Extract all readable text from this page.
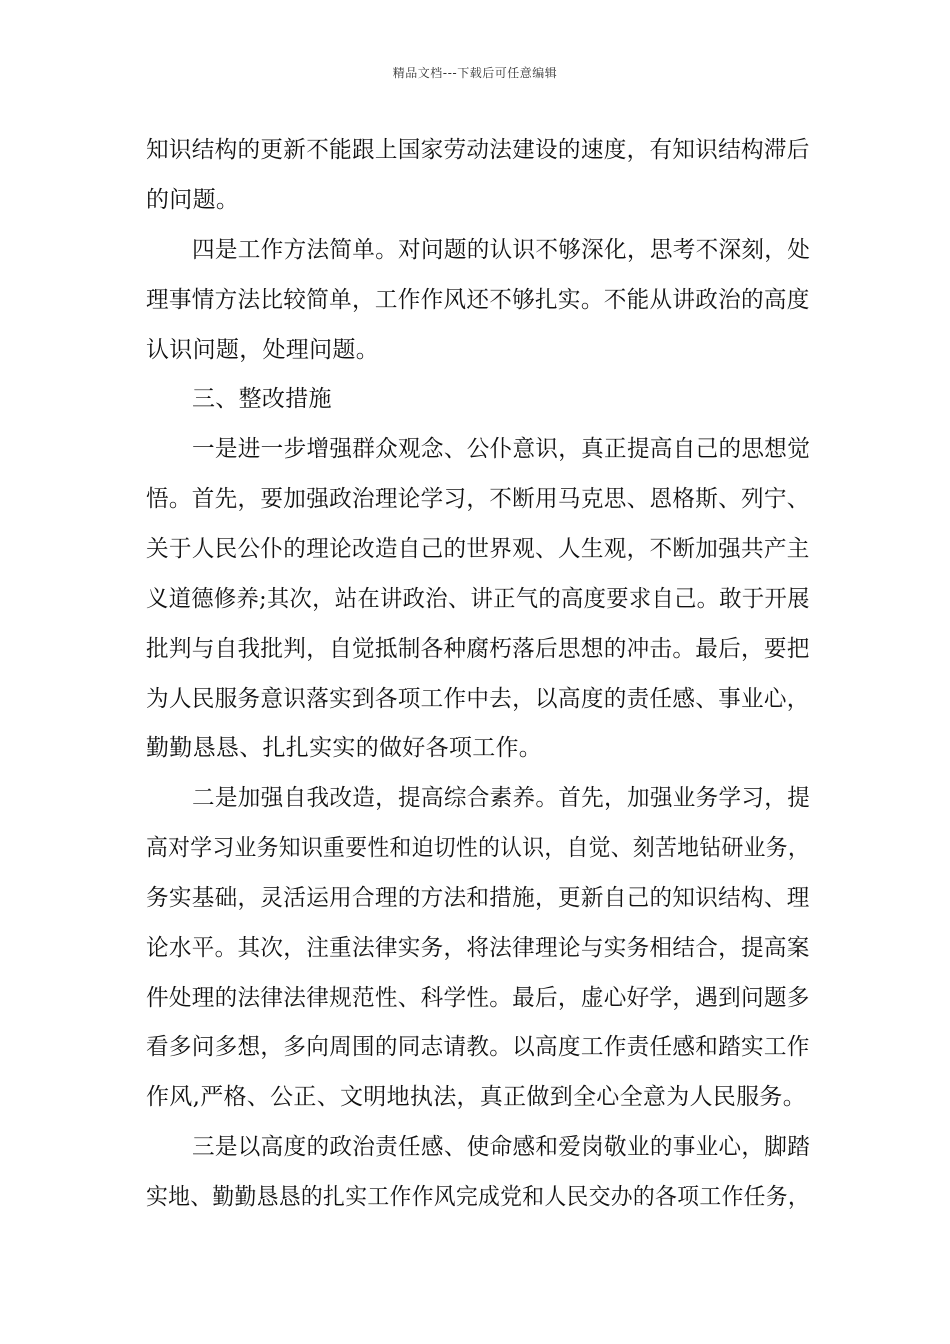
精品文档---下载后可任意编辑
知识结构的更新不能跟上国家劳动法建设的速度，有知识结构滞后
的问题。
四是工作方法简单。对问题的认识不够深化，思考不深刻，处
理事情方法比较简单，工作作风还不够扎实。不能从讲政治的高度
认识问题，处理问题。
三、整改措施
一是进一步增强群众观念、公仆意识，真正提高自己的思想觉
悟。首先，要加强政治理论学习，不断用马克思、恩格斯、列宁、
关于人民公仆的理论改造自己的世界观、人生观，不断加强共产主
义道德修养;其次，站在讲政治、讲正气的高度要求自己。敢于开展
批判与自我批判，自觉抵制各种腐朽落后思想的冲击。最后，要把
为人民服务意识落实到各项工作中去，以高度的责任感、事业心，
勤勤恳恳、扎扎实实的做好各项工作。
二是加强自我改造，提高综合素养。首先，加强业务学习，提
高对学习业务知识重要性和迫切性的认识，自觉、刻苦地钻研业务，
务实基础，灵活运用合理的方法和措施，更新自己的知识结构、理
论水平。其次，注重法律实务，将法律理论与实务相结合，提高案
件处理的法律法律规范性、科学性。最后，虚心好学，遇到问题多
看多问多想，多向周围的同志请教。以高度工作责任感和踏实工作
作风,严格、公正、文明地执法，真正做到全心全意为人民服务。
三是以高度的政治责任感、使命感和爱岗敬业的事业心，脚踏
实地、勤勤恳恳的扎实工作作风完成党和人民交办的各项工作任务，
